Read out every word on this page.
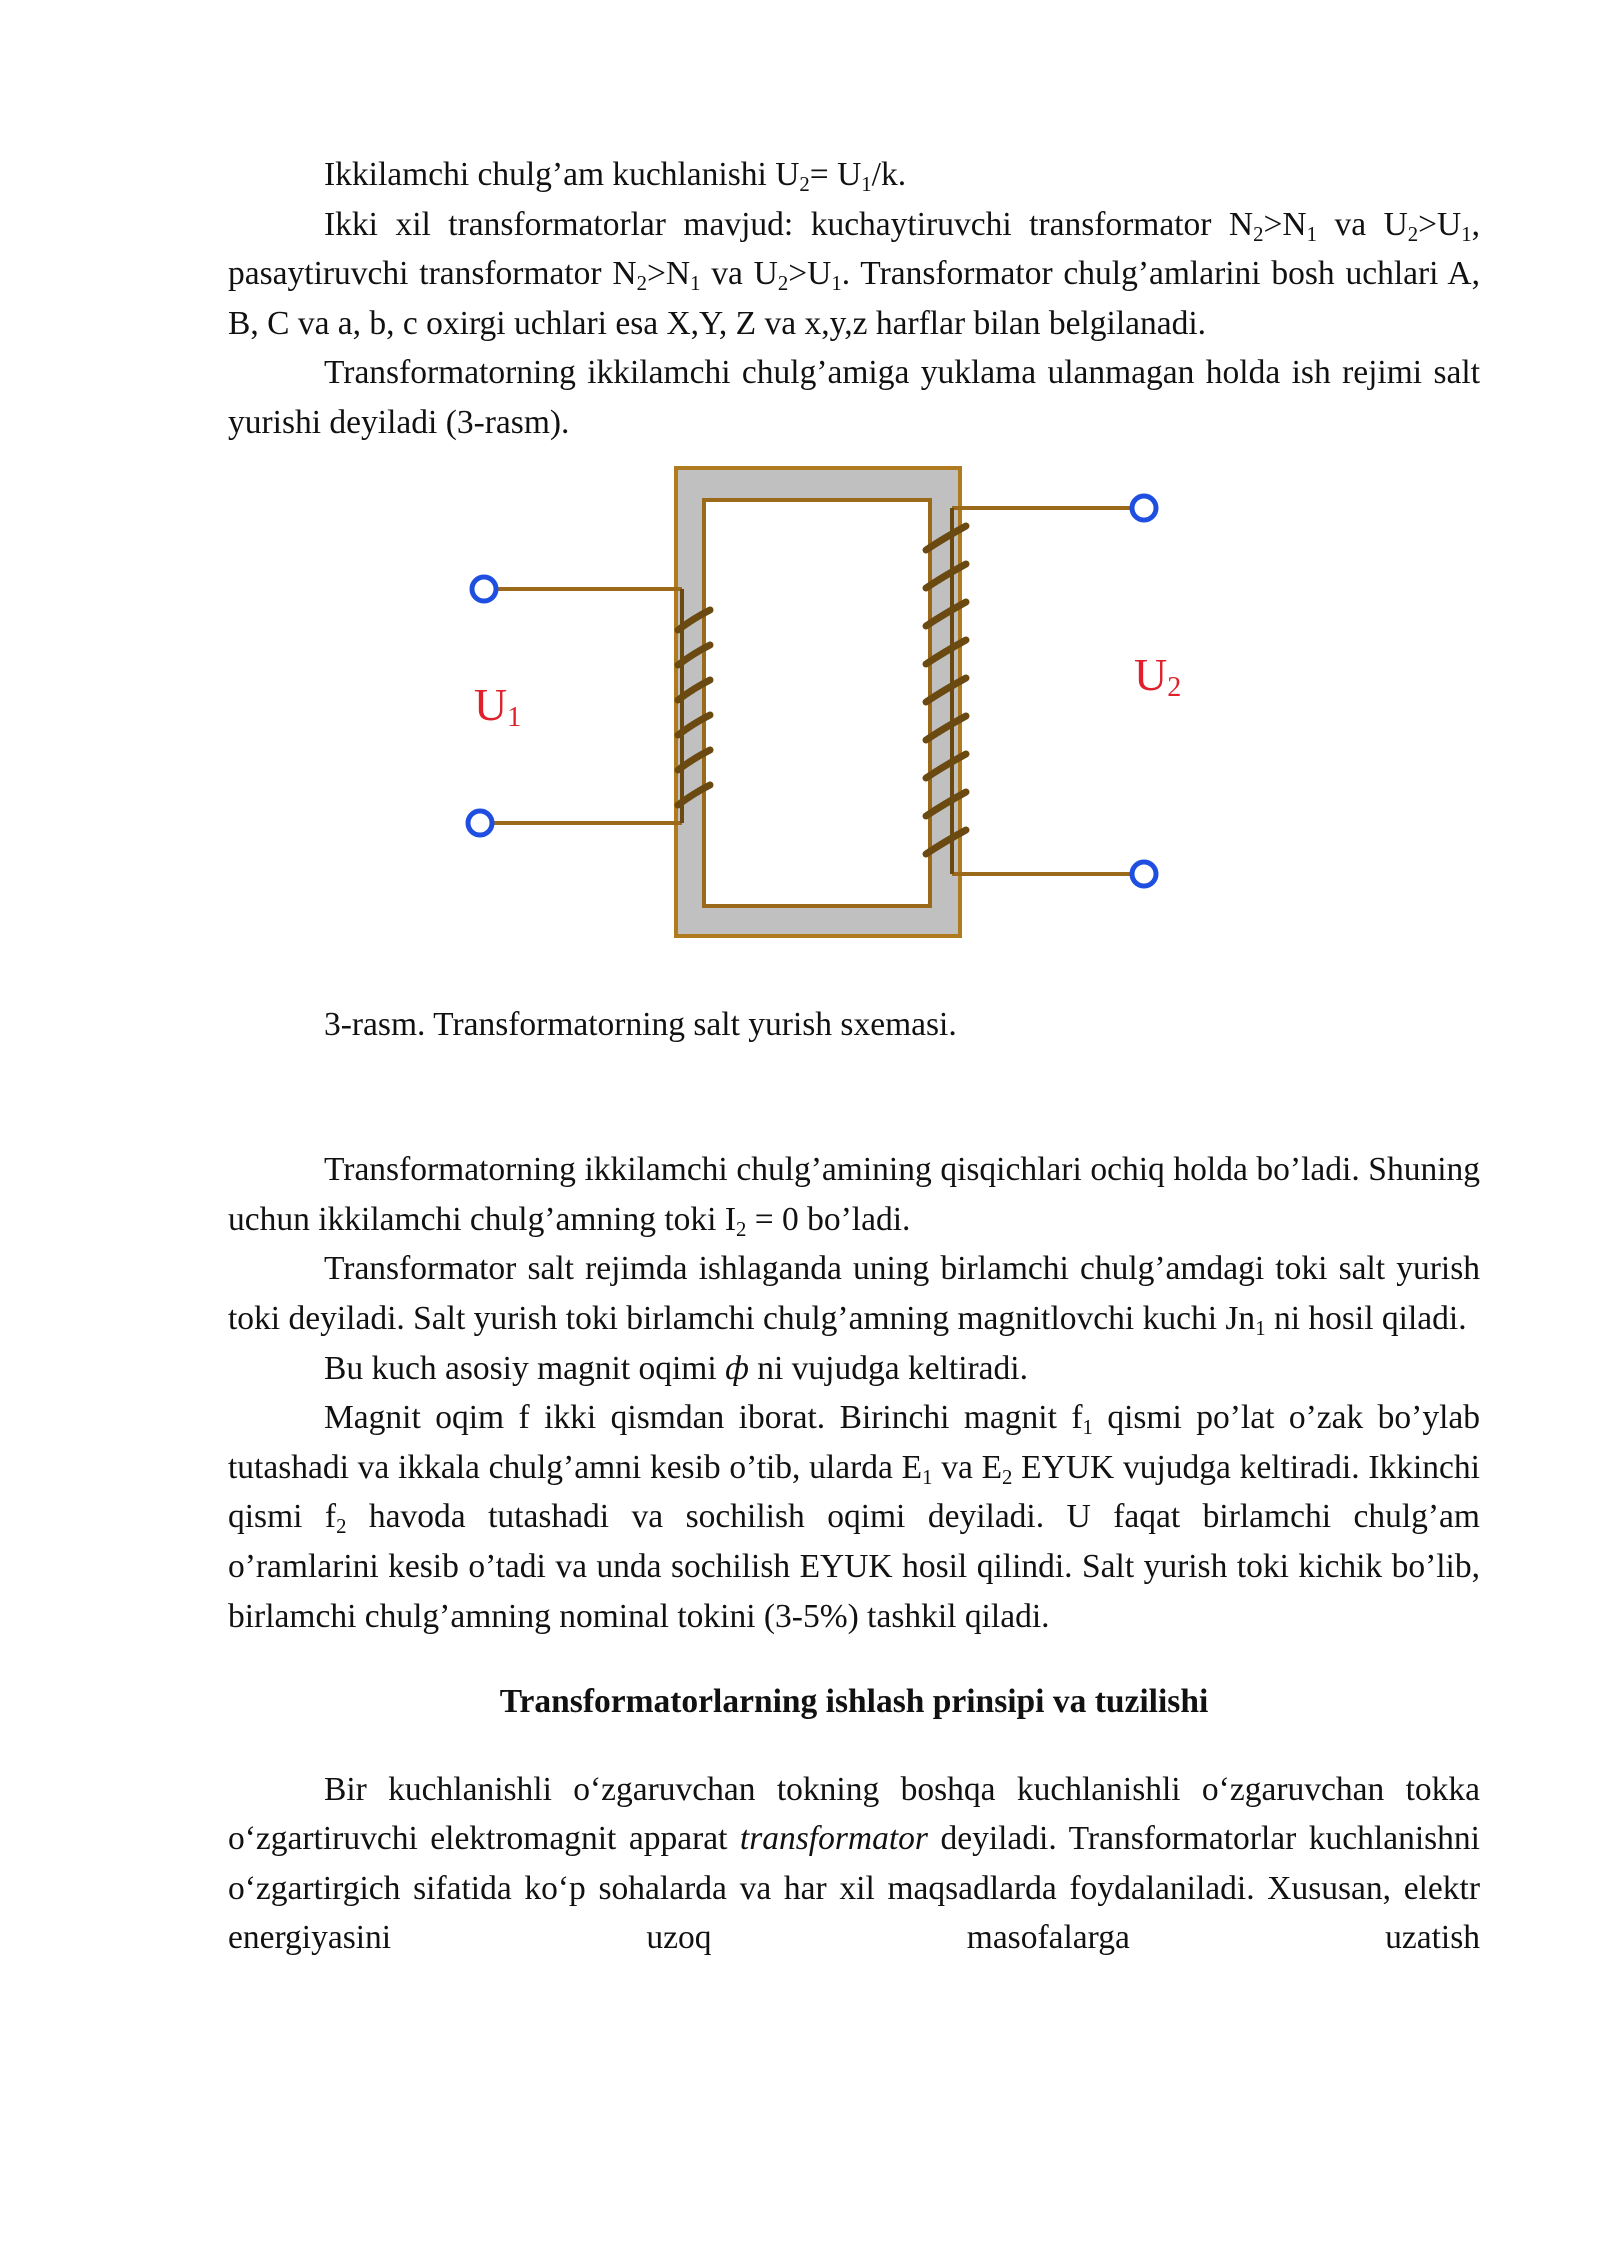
Ikkilamchi chulg’am kuchlanishi $U_2= U_1/k$.

Ikki xil transformatorlar mavjud: kuchaytiruvchi transformator $N_2>N_1$ va $U_2>U_1$, pasaytiruvchi transformator $N_2>N_1$ va $U_2>U_1$. Transformator chulg’amlarini bosh uchlari A, B, C va a, b, c oxirgi uchlari esa X,Y, Z va x,y,z harflar bilan belgilanadi.

Transformatorning ikkilamchi chulg’amiga yuklama ulanmagan holda ish rejimi salt yurishi deyiladi (3-rasm).

U1
U2

3-rasm. Transformatorning salt yurish sxemasi.

Transformatorning ikkilamchi chulg’amining qisqichlari ochiq holda bo’ladi. Shuning uchun ikkilamchi chulg’amning toki $I_2 = 0$ bo’ladi.

Transformator salt rejimda ishlaganda uning birlamchi chulg’amdagi toki salt yurish toki deyiladi. Salt yurish toki birlamchi chulg’amning magnitlovchi kuchi $Jn_1$ ni hosil qiladi.

Bu kuch asosiy magnit oqimi ф ni vujudga keltiradi.

Magnit oqim f ikki qismdan iborat. Birinchi magnit $f_1$ qismi po’lat o’zak bo’ylab tutashadi va ikkala chulg’amni kesib o’tib, ularda $E_1$ va $E_2$ EYUK vujudga keltiradi. Ikkinchi qismi $f_2$ havoda tutashadi va sochilish oqimi deyiladi. U faqat birlamchi chulg’am o’ramlarini kesib o’tadi va unda sochilish EYUK hosil qilindi. Salt yurish toki kichik bo’lib, birlamchi chulg’amning nominal tokini (3-5%) tashkil qiladi.

Transformatorlarning ishlash prinsipi va tuzilishi

Bir kuchlanishli o‘zgaruvchan tokning boshqa kuchlanishli o‘zgaruvchan tokka o‘zgartiruvchi elektromagnit apparat transformator deyiladi. Transformatorlar kuchlanishni o‘zgartirgich sifatida ko‘p sohalarda va har xil maqsadlarda foydalaniladi. Xususan, elektr energiyasini uzoq masofalarga uzatish
